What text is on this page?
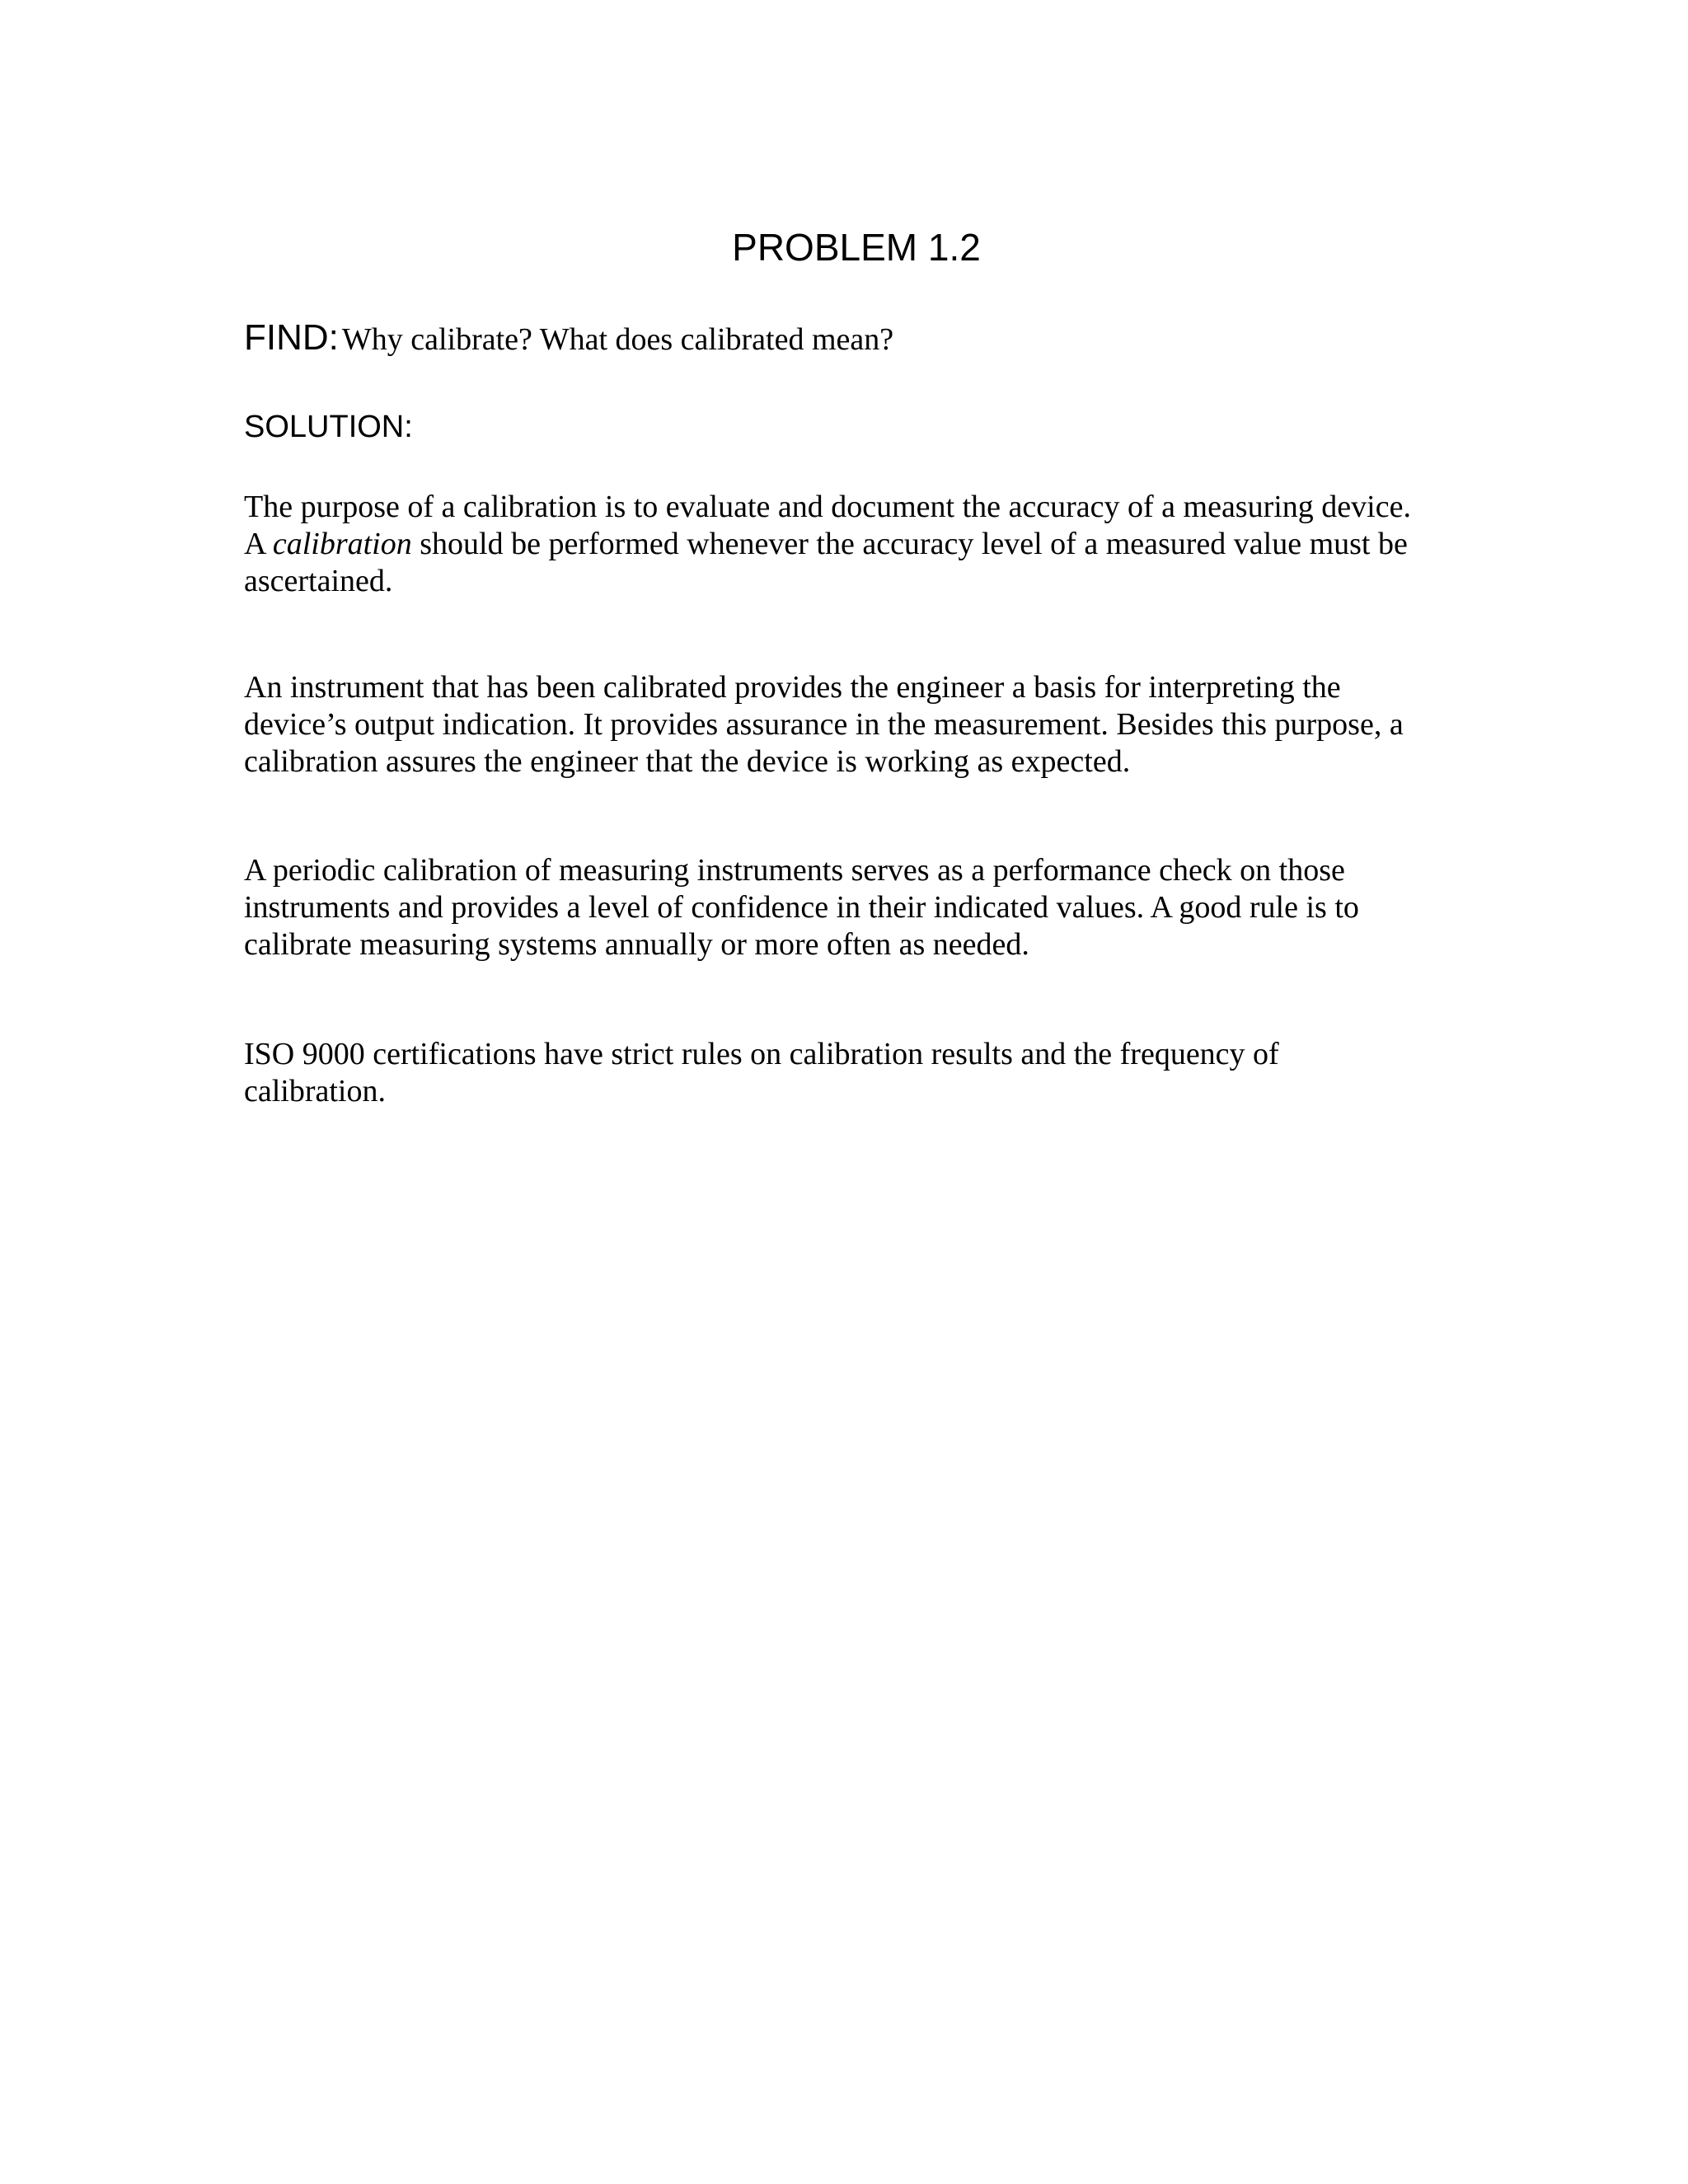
PROBLEM 1.2

FIND: Why calibrate? What does calibrated mean?

SOLUTION:

The purpose of a calibration is to evaluate and document the accuracy of a measuring device.
A calibration should be performed whenever the accuracy level of a measured value must be
ascertained.

An instrument that has been calibrated provides the engineer a basis for interpreting the
device’s output indication. It provides assurance in the measurement. Besides this purpose, a
calibration assures the engineer that the device is working as expected.

A periodic calibration of measuring instruments serves as a performance check on those
instruments and provides a level of confidence in their indicated values. A good rule is to
calibrate measuring systems annually or more often as needed.

ISO 9000 certifications have strict rules on calibration results and the frequency of
calibration.
